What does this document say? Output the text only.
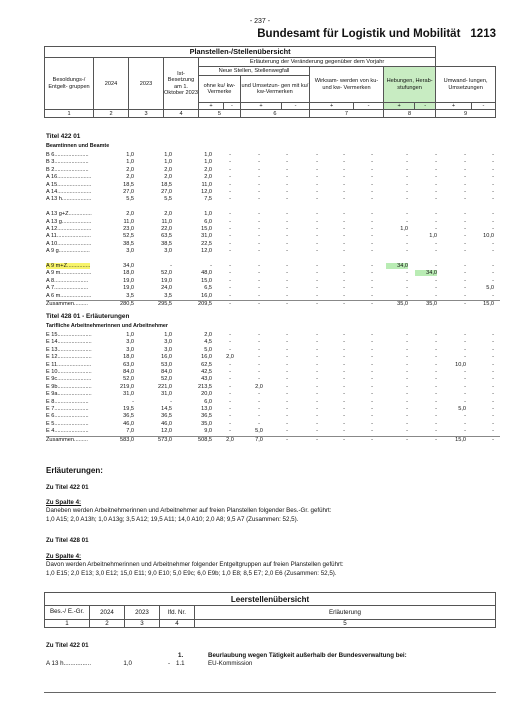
- 237 -
Bundesamt für Logistik und Mobilität 1213
Planstellen-/Stellenübersicht													
Besoldungs-/ Entgelt- gruppen	2024	2023	Ist- Besetzung am 1. Oktober 2023	Erläuterung der Veränderung gegenüber dem Vorjahr									
				Neue Stellen, Stellenwegfall				Wirksam- werden von ku- und kw- Vermerken		Hebungen, Herab- stufungen		Umwand- lungen, Umsetzungen	
				ohne ku/ kw-Vermerke		und Umsetzun- gen mit ku/ kw-Vermerken							
				+	-	+	-	+	-	+	-	+	-
1	2	3	4	5		6		7		8		9	
Titel 422 01
Beamtinnen und Beamte
B 6......................	1,0	1,0	1,0	-	-	-	-	-	-	-	-	-	-
B 3......................	1,0	1,0	1,0	-	-	-	-	-	-	-	-	-	-
B 2......................	2,0	2,0	2,0	-	-	-	-	-	-	-	-	-	-
A 16......................	2,0	2,0	2,0	-	-	-	-	-	-	-	-	-	-
A 15......................	18,5	18,5	11,0	-	-	-	-	-	-	-	-	-	-
A 14......................	27,0	27,0	12,0	-	-	-	-	-	-	-	-	-	-
A 13 h...................	5,5	5,5	7,5	-	-	-	-	-	-	-	-	-	-
A 13 g+Z...............	2,0	2,0	1,0	-	-	-	-	-	-	-	-	-	-
A 13 g...................	11,0	11,0	6,0	-	-	-	-	-	-	-	-	-	-
A 12......................	23,0	22,0	15,0	-	-	-	-	-	-	1,0	-	-	-
A 11......................	52,5	63,5	31,0	-	-	-	-	-	-	-	1,0	-	10,0
A 10......................	38,5	38,5	22,5	-	-	-	-	-	-	-	-	-	-
A 9 g....................	3,0	3,0	12,0	-	-	-	-	-	-	-	-	-	-
A 9 m+Z...............	34,0	-	-	-	-	-	-	-	-	34,0	-	-	-
A 9 m....................	18,0	52,0	48,0	-	-	-	-	-	-	-	34,0	-	-
A 8......................	19,0	19,0	15,0	-	-	-	-	-	-	-	-	-	-
A 7......................	19,0	24,0	6,5	-	-	-	-	-	-	-	-	-	5,0
A 6 m....................	3,5	3,5	16,0	-	-	-	-	-	-	-	-	-	-
Zusammen.........	280,5	295,5	209,5	-	-	-	-	-	-	35,0	35,0	-	15,0
Titel 428 01 - Erläuterungen
Tarifliche Arbeitnehmerinnen und Arbeitnehmer
E 15......................	1,0	1,0	2,0	-	-	-	-	-	-	-	-	-	-
E 14......................	3,0	3,0	4,5	-	-	-	-	-	-	-	-	-	-
E 13......................	3,0	3,0	5,0	-	-	-	-	-	-	-	-	-	-
E 12......................	18,0	16,0	16,0	2,0	-	-	-	-	-	-	-	-	-
E 11......................	63,0	53,0	62,5	-	-	-	-	-	-	-	-	10,0	-
E 10......................	84,0	84,0	42,5	-	-	-	-	-	-	-	-	-	-
E 9c......................	52,0	52,0	43,0	-	-	-	-	-	-	-	-	-	-
E 9b......................	219,0	221,0	213,5	-	2,0	-	-	-	-	-	-	-	-
E 9a......................	31,0	31,0	20,0	-	-	-	-	-	-	-	-	-	-
E 8......................	-	-	6,0	-	-	-	-	-	-	-	-	-	-
E 7......................	19,5	14,5	13,0	-	-	-	-	-	-	-	-	5,0	-
E 6......................	36,5	36,5	36,5	-	-	-	-	-	-	-	-	-	-
E 5......................	46,0	46,0	35,0	-	-	-	-	-	-	-	-	-	-
E 4......................	7,0	12,0	9,0	-	5,0	-	-	-	-	-	-	-	-
Zusammen.........	583,0	573,0	508,5	2,0	7,0	-	-	-	-	-	-	15,0	-
Erläuterungen:
Zu Titel 422 01
Zu Spalte 4:
Daneben werden Arbeitnehmerinnen und Arbeitnehmer auf freien Planstellen folgender Bes.-Gr. geführt:
1,0 A15; 2,0 A13h; 1,0 A13g; 3,5 A12; 19,5 A11; 14,0 A10; 2,0 A8; 9,5 A7 (Zusammen: 52,5).
Zu Titel 428 01
Zu Spalte 4:
Davon werden Arbeitnehmerinnen und Arbeitnehmer folgender Entgeltgruppen auf freien Planstellen geführt:
1,0 E15; 2,0 E13; 3,0 E12; 15,0 E11; 9,0 E10; 5,0 E9c; 6,0 E9b; 1,0 E8; 8,5 E7; 2,0 E6 (Zusammen: 52,5).
Leerstellenübersicht				
Bes.-/ E.-Gr.	2024	2023	lfd. Nr.	Erläuterung
1	2	3	4	5
Zu Titel 422 01
1.	Beurlaubung wegen Tätigkeit außerhalb der Bundesverwaltung bei:
A 13 h................	1,0	- 1.1	EU-Kommission
